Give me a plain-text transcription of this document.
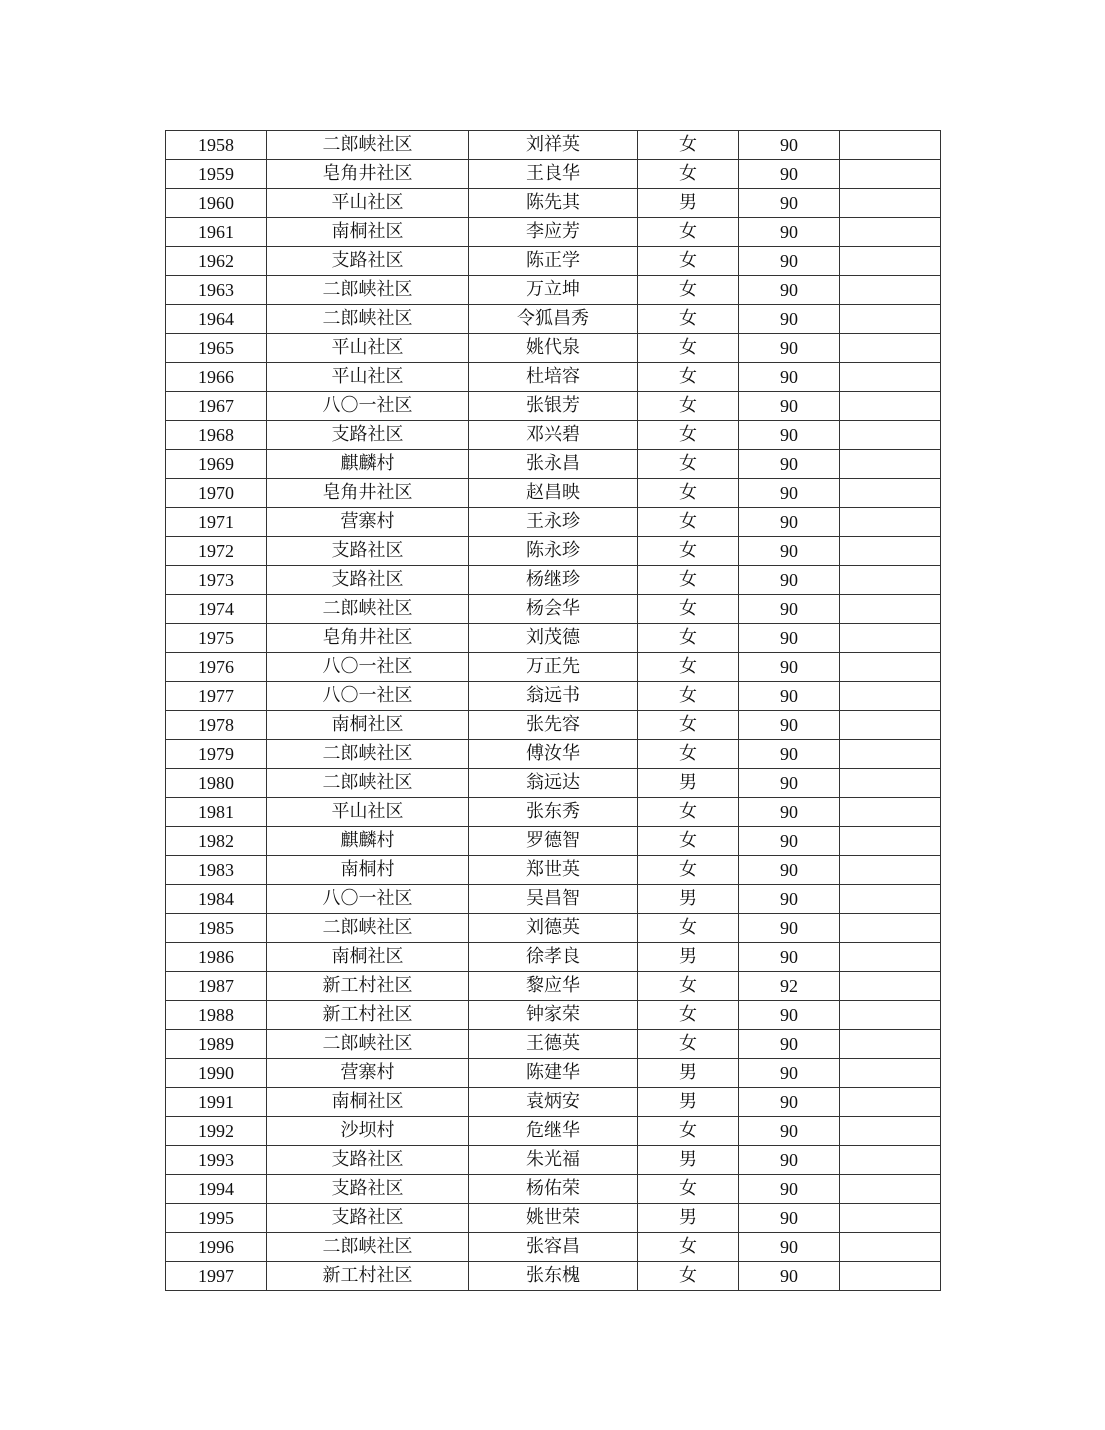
1958	二郎峡社区	刘祥英	女	90	
1959	皂角井社区	王良华	女	90	
1960	平山社区	陈先其	男	90	
1961	南桐社区	李应芳	女	90	
1962	支路社区	陈正学	女	90	
1963	二郎峡社区	万立坤	女	90	
1964	二郎峡社区	令狐昌秀	女	90	
1965	平山社区	姚代泉	女	90	
1966	平山社区	杜培容	女	90	
1967	八〇一社区	张银芳	女	90	
1968	支路社区	邓兴碧	女	90	
1969	麒麟村	张永昌	女	90	
1970	皂角井社区	赵昌映	女	90	
1971	营寨村	王永珍	女	90	
1972	支路社区	陈永珍	女	90	
1973	支路社区	杨继珍	女	90	
1974	二郎峡社区	杨会华	女	90	
1975	皂角井社区	刘茂德	女	90	
1976	八〇一社区	万正先	女	90	
1977	八〇一社区	翁远书	女	90	
1978	南桐社区	张先容	女	90	
1979	二郎峡社区	傅汝华	女	90	
1980	二郎峡社区	翁远达	男	90	
1981	平山社区	张东秀	女	90	
1982	麒麟村	罗德智	女	90	
1983	南桐村	郑世英	女	90	
1984	八〇一社区	吴昌智	男	90	
1985	二郎峡社区	刘德英	女	90	
1986	南桐社区	徐孝良	男	90	
1987	新工村社区	黎应华	女	92	
1988	新工村社区	钟家荣	女	90	
1989	二郎峡社区	王德英	女	90	
1990	营寨村	陈建华	男	90	
1991	南桐社区	袁炳安	男	90	
1992	沙坝村	危继华	女	90	
1993	支路社区	朱光福	男	90	
1994	支路社区	杨佑荣	女	90	
1995	支路社区	姚世荣	男	90	
1996	二郎峡社区	张容昌	女	90	
1997	新工村社区	张东槐	女	90	
